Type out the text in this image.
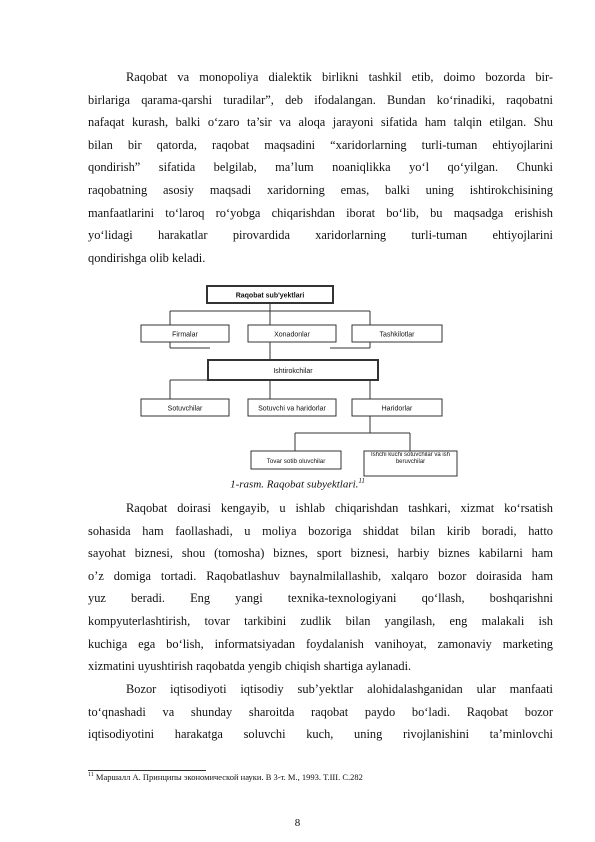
Raqobat va monopoliya dialektik birlikni tashkil etib, doimo bozorda bir-
birlariga qarama-qarshi turadilar”, deb ifodalangan. Bundan ko‘rinadiki, raqobatni
nafaqat kurash, balki o‘zaro ta’sir va aloqa jarayoni sifatida ham talqin etilgan. Shu
bilan bir qatorda, raqobat maqsadini “xaridorlarning turli-tuman ehtiyojlarini
qondirish” sifatida belgilab, ma’lum noaniqlikka yo‘l qo‘yilgan. Chunki
raqobatning asosiy maqsadi xaridorning emas, balki uning ishtirokchisining
manfaatlarini to‘laroq ro‘yobga chiqarishdan iborat bo‘lib, bu maqsadga erishish
yo‘lidagi harakatlar pirovardida xaridorlarning turli-tuman ehtiyojlarini
qondirishga olib keladi.
Raqobat sub'yektlari
Firmalar	Xonadonlar	Tashkilotlar
Ishtirokchilar
Sotuvchilar	Sotuvchi va haridorlar	Haridorlar
Tovar sotib oluvchilar
Ishchi kuchi sotuvchilar va ish beruvchilar
1-rasm. Raqobat subyektlari.$^{11}$
Raqobat doirasi kengayib, u ishlab chiqarishdan tashkari, xizmat ko‘rsatish
sohasida ham faollashadi, u moliya bozoriga shiddat bilan kirib boradi, hatto
sayohat biznesi, shou (tomosha) biznes, sport biznesi, harbiy biznes kabilarni ham
o’z domiga tortadi. Raqobatlashuv baynalmilallashib, xalqaro bozor doirasida ham
yuz beradi. Eng yangi texnika-texnologiyani qo‘llash, boshqarishni
kompyuterlashtirish, tovar tarkibini zudlik bilan yangilash, eng malakali ish
kuchiga ega bo‘lish, informatsiyadan foydalanish vanihoyat, zamonaviy marketing
xizmatini uyushtirish raqobatda yengib chiqish shartiga aylanadi.
Bozor iqtisodiyoti iqtisodiy sub’yektlar alohidalashganidan ular manfaati
to‘qnashadi va shunday sharoitda raqobat paydo bo‘ladi. Raqobat bozor
iqtisodiyotini harakatga soluvchi kuch, uning rivojlanishini ta’minlovchi
$^{11}$ Маршалл А. Принципы экономической науки. В 3-т. М., 1993. Т.III. С.282
8
